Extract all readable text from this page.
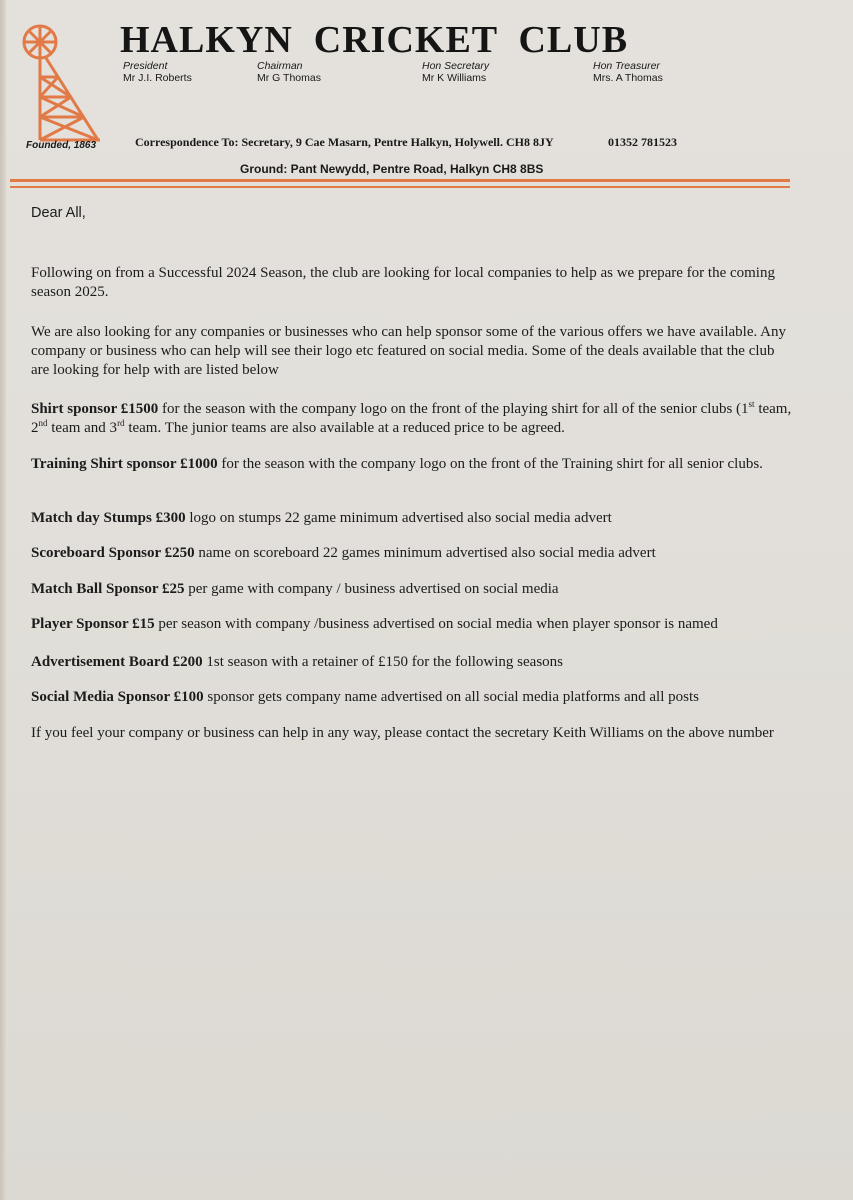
Founded, 1863
HALKYN  CRICKET  CLUB
President
Mr J.I. Roberts
Chairman
Mr G Thomas
Hon Secretary
Mr K Williams
Hon Treasurer
Mrs. A Thomas
Correspondence To: Secretary, 9 Cae Masarn, Pentre Halkyn, Holywell. CH8 8JY	01352 781523
Ground: Pant Newydd, Pentre Road, Halkyn CH8 8BS

Dear All,

Following on from a Successful 2024 Season, the club are looking for local companies to help as we prepare for the coming season 2025.

We are also looking for any companies or businesses who can help sponsor some of the various offers we have available. Any company or business who can help will see their logo etc featured on social media. Some of the deals available that the club are looking for help with are listed below

Shirt sponsor £1500 for the season with the company logo on the front of the playing shirt for all of the senior clubs (1st team, 2nd team and 3rd team. The junior teams are also available at a reduced price to be agreed.

Training Shirt sponsor £1000 for the season with the company logo on the front of the Training shirt for all senior clubs.

Match day Stumps £300 logo on stumps 22 game minimum advertised also social media advert

Scoreboard Sponsor £250 name on scoreboard 22 games minimum advertised also social media advert

Match Ball Sponsor £25 per game with company / business advertised on social media

Player Sponsor £15 per season with company /business advertised on social media when player sponsor is named

Advertisement Board £200 1st season with a retainer of £150 for the following seasons

Social Media Sponsor £100 sponsor gets company name advertised on all social media platforms and all posts

If you feel your company or business can help in any way, please contact the secretary Keith Williams on the above number
